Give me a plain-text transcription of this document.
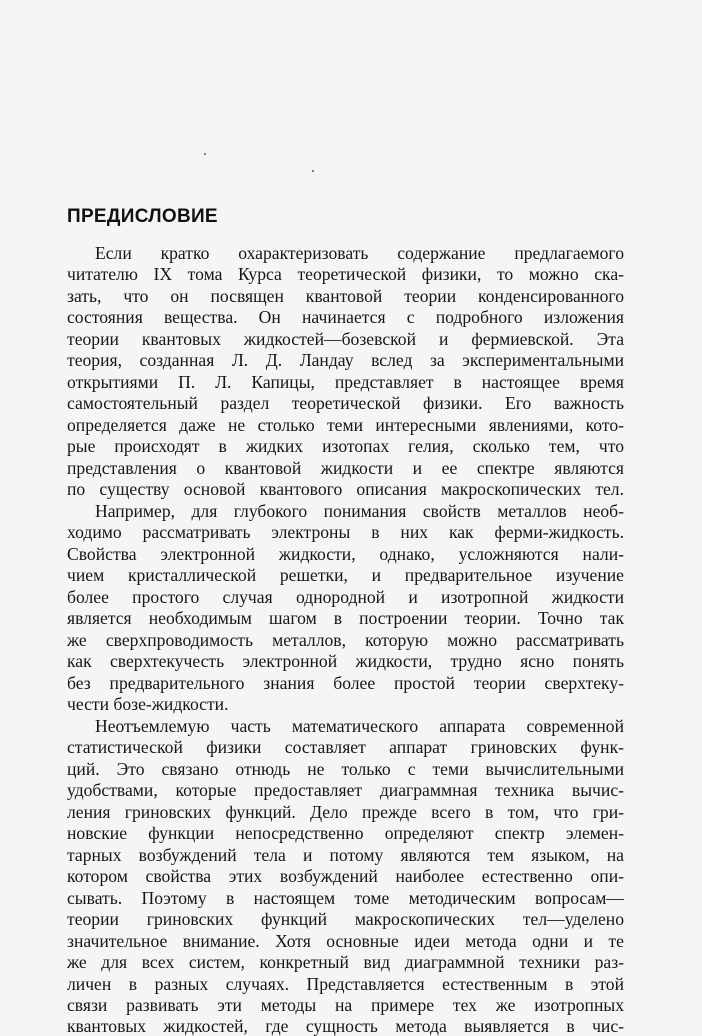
ПРЕДИСЛОВИЕ
Если кратко охарактеризовать содержание предлагаемого
читателю IX тома Курса теоретической физики, то можно ска-
зать, что он посвящен квантовой теории конденсированного
состояния вещества. Он начинается с подробного изложения
теории квантовых жидкостей—бозевской и фермиевской. Эта
теория, созданная Л. Д. Ландау вслед за экспериментальными
открытиями П. Л. Капицы, представляет в настоящее время
самостоятельный раздел теоретической физики. Его важность
определяется даже не столько теми интересными явлениями, кото-
рые происходят в жидких изотопах гелия, сколько тем, что
представления о квантовой жидкости и ее спектре являются
по существу основой квантового описания макроскопических тел.
Например, для глубокого понимания свойств металлов необ-
ходимо рассматривать электроны в них как ферми-жидкость.
Свойства электронной жидкости, однако, усложняются нали-
чием кристаллической решетки, и предварительное изучение
более простого случая однородной и изотропной жидкости
является необходимым шагом в построении теории. Точно так
же сверхпроводимость металлов, которую можно рассматривать
как сверхтекучесть электронной жидкости, трудно ясно понять
без предварительного знания более простой теории сверхтеку-
чести бозе-жидкости.
Неотъемлемую часть математического аппарата современной
статистической физики составляет аппарат гриновских функ-
ций. Это связано отнюдь не только с теми вычислительными
удобствами, которые предоставляет диаграммная техника вычис-
ления гриновских функций. Дело прежде всего в том, что гри-
новские функции непосредственно определяют спектр элемен-
тарных возбуждений тела и потому являются тем языком, на
котором свойства этих возбуждений наиболее естественно опи-
сывать. Поэтому в настоящем томе методическим вопросам—
теории гриновских функций макроскопических тел—уделено
значительное внимание. Хотя основные идеи метода одни и те
же для всех систем, конкретный вид диаграммной техники раз-
личен в разных случаях. Представляется естественным в этой
связи развивать эти методы на примере тех же изотропных
квантовых жидкостей, где сущность метода выявляется в чис-
